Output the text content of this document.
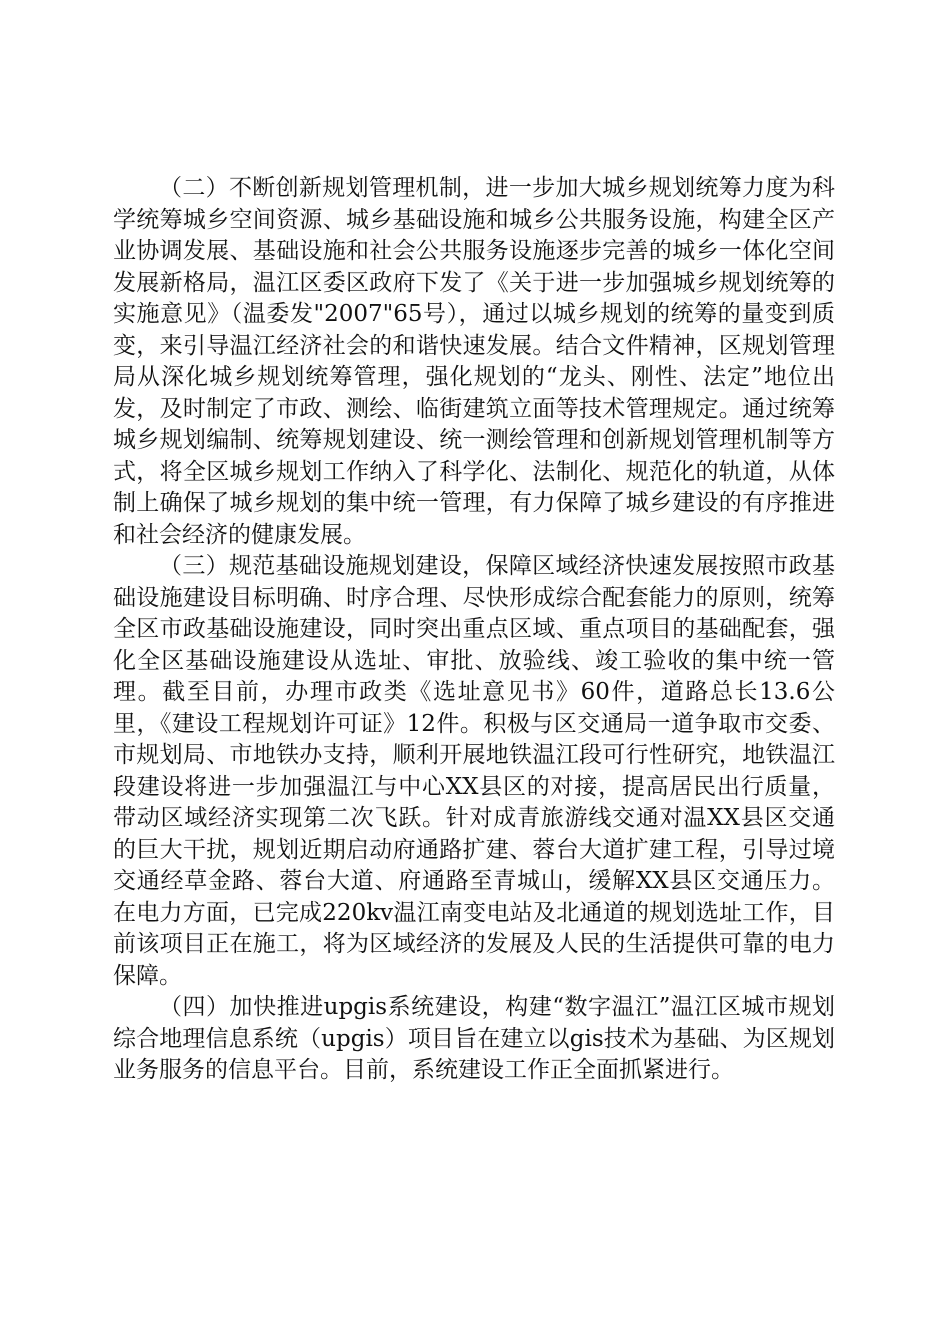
（二）不断创新规划管理机制，进一步加大城乡规划统筹力度为科学统筹城乡空间资源、城乡基础设施和城乡公共服务设施，构建全区产业协调发展、基础设施和社会公共服务设施逐步完善的城乡一体化空间发展新格局，温江区委区政府下发了《关于进一步加强城乡规划统筹的实施意见》（温委发"2007"65号），通过以城乡规划的统筹的量变到质变，来引导温江经济社会的和谐快速发展。结合文件精神，区规划管理局从深化城乡规划统筹管理，强化规划的“龙头、刚性、法定”地位出发，及时制定了市政、测绘、临街建筑立面等技术管理规定。通过统筹城乡规划编制、统筹规划建设、统一测绘管理和创新规划管理机制等方式，将全区城乡规划工作纳入了科学化、法制化、规范化的轨道，从体制上确保了城乡规划的集中统一管理，有力保障了城乡建设的有序推进和社会经济的健康发展。

（三）规范基础设施规划建设，保障区域经济快速发展按照市政基础设施建设目标明确、时序合理、尽快形成综合配套能力的原则，统筹全区市政基础设施建设，同时突出重点区域、重点项目的基础配套，强化全区基础设施建设从选址、审批、放验线、竣工验收的集中统一管理。截至目前，办理市政类《选址意见书》60件，道路总长13.6公里，《建设工程规划许可证》12件。积极与区交通局一道争取市交委、市规划局、市地铁办支持，顺利开展地铁温江段可行性研究，地铁温江段建设将进一步加强温江与中心XX县区的对接，提高居民出行质量，带动区域经济实现第二次飞跃。针对成青旅游线交通对温XX县区交通的巨大干扰，规划近期启动府通路扩建、蓉台大道扩建工程，引导过境交通经草金路、蓉台大道、府通路至青城山，缓解XX县区交通压力。在电力方面，已完成220kv温江南变电站及北通道的规划选址工作，目前该项目正在施工，将为区域经济的发展及人民的生活提供可靠的电力保障。

（四）加快推进upgis系统建设，构建“数字温江”温江区城市规划综合地理信息系统（upgis）项目旨在建立以gis技术为基础、为区规划业务服务的信息平台。目前，系统建设工作正全面抓紧进行。
